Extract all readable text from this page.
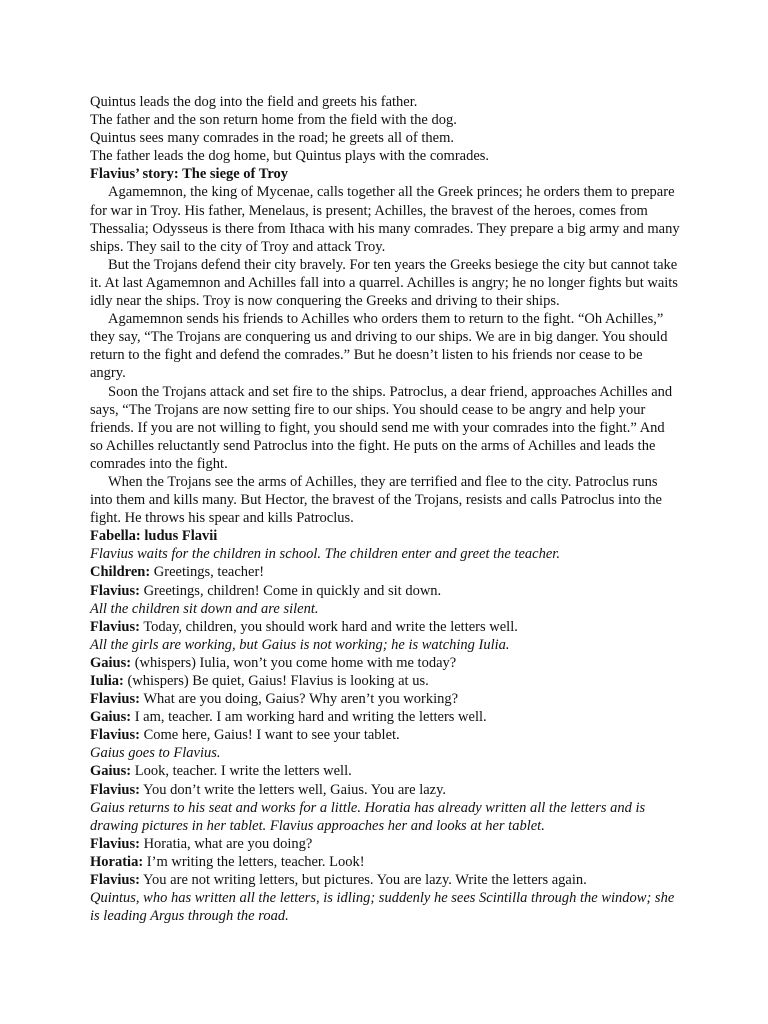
Quintus leads the dog into the field and greets his father.

The father and the son return home from the field with the dog.

Quintus sees many comrades in the road; he greets all of them.

The father leads the dog home, but Quintus plays with the comrades.

Flavius’ story: The siege of Troy

Agamemnon, the king of Mycenae, calls together all the Greek princes; he orders them to prepare for war in Troy. His father, Menelaus, is present; Achilles, the bravest of the heroes, comes from Thessalia; Odysseus is there from Ithaca with his many comrades. They prepare a big army and many ships. They sail to the city of Troy and attack Troy.

But the Trojans defend their city bravely. For ten years the Greeks besiege the city but cannot take it. At last Agamemnon and Achilles fall into a quarrel. Achilles is angry; he no longer fights but waits idly near the ships. Troy is now conquering the Greeks and driving to their ships.

Agamemnon sends his friends to Achilles who orders them to return to the fight. “Oh Achilles,” they say, “The Trojans are conquering us and driving to our ships. We are in big danger. You should return to the fight and defend the comrades.” But he doesn’t listen to his friends nor cease to be angry.

Soon the Trojans attack and set fire to the ships. Patroclus, a dear friend, approaches Achilles and says, “The Trojans are now setting fire to our ships. You should cease to be angry and help your friends. If you are not willing to fight, you should send me with your comrades into the fight.” And so Achilles reluctantly send Patroclus into the fight. He puts on the arms of Achilles and leads the comrades into the fight.

When the Trojans see the arms of Achilles, they are terrified and flee to the city. Patroclus runs into them and kills many. But Hector, the bravest of the Trojans, resists and calls Patroclus into the fight. He throws his spear and kills Patroclus.

Fabella: ludus Flavii

Flavius waits for the children in school. The children enter and greet the teacher.

Children: Greetings, teacher!

Flavius: Greetings, children! Come in quickly and sit down.

All the children sit down and are silent.

Flavius: Today, children, you should work hard and write the letters well.

All the girls are working, but Gaius is not working; he is watching Iulia.

Gaius: (whispers) Iulia, won’t you come home with me today?

Iulia: (whispers) Be quiet, Gaius! Flavius is looking at us.

Flavius: What are you doing, Gaius? Why aren’t you working?

Gaius: I am, teacher. I am working hard and writing the letters well.

Flavius: Come here, Gaius! I want to see your tablet.

Gaius goes to Flavius.

Gaius: Look, teacher. I write the letters well.

Flavius: You don’t write the letters well, Gaius. You are lazy.

Gaius returns to his seat and works for a little. Horatia has already written all the letters and is drawing pictures in her tablet. Flavius approaches her and looks at her tablet.

Flavius: Horatia, what are you doing?

Horatia: I’m writing the letters, teacher. Look!

Flavius: You are not writing letters, but pictures. You are lazy. Write the letters again.

Quintus, who has written all the letters, is idling; suddenly he sees Scintilla through the window; she is leading Argus through the road.
